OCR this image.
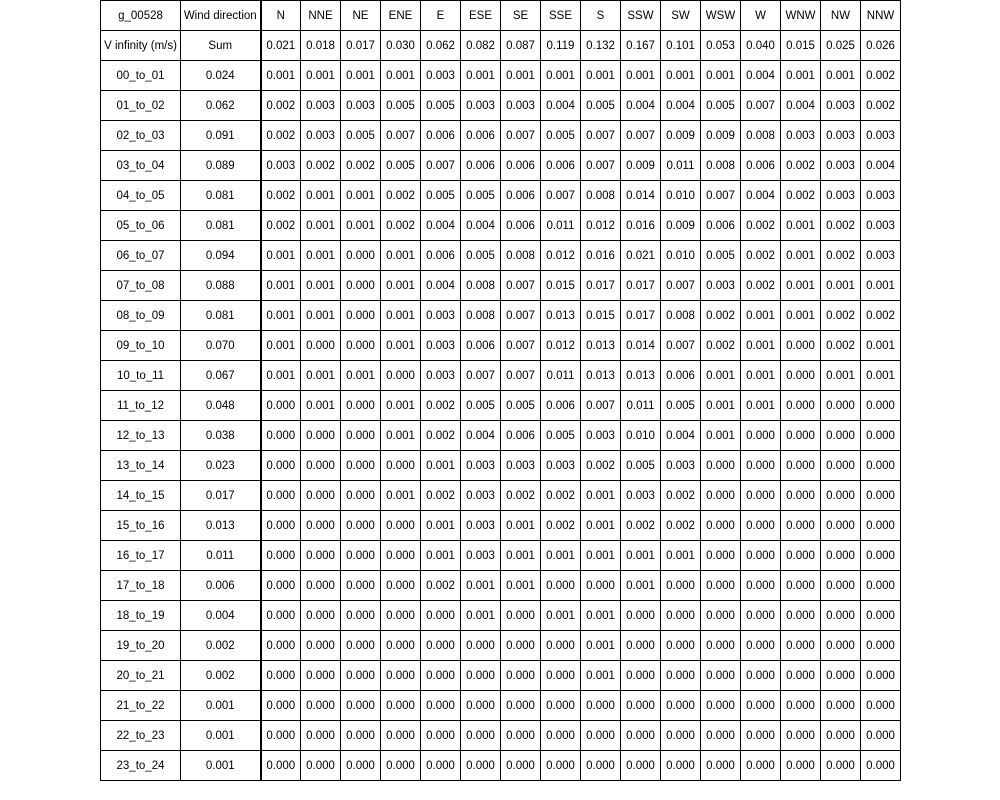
g_00528	Wind direction	N	NNE	NE	ENE	E	ESE	SE	SSE	S	SSW	SW	WSW	W	WNW	NW	NNW
V infinity (m/s)	Sum	0.021	0.018	0.017	0.030	0.062	0.082	0.087	0.119	0.132	0.167	0.101	0.053	0.040	0.015	0.025	0.026
00_to_01	0.024	0.001	0.001	0.001	0.001	0.003	0.001	0.001	0.001	0.001	0.001	0.001	0.001	0.004	0.001	0.001	0.002
01_to_02	0.062	0.002	0.003	0.003	0.005	0.005	0.003	0.003	0.004	0.005	0.004	0.004	0.005	0.007	0.004	0.003	0.002
02_to_03	0.091	0.002	0.003	0.005	0.007	0.006	0.006	0.007	0.005	0.007	0.007	0.009	0.009	0.008	0.003	0.003	0.003
03_to_04	0.089	0.003	0.002	0.002	0.005	0.007	0.006	0.006	0.006	0.007	0.009	0.011	0.008	0.006	0.002	0.003	0.004
04_to_05	0.081	0.002	0.001	0.001	0.002	0.005	0.005	0.006	0.007	0.008	0.014	0.010	0.007	0.004	0.002	0.003	0.003
05_to_06	0.081	0.002	0.001	0.001	0.002	0.004	0.004	0.006	0.011	0.012	0.016	0.009	0.006	0.002	0.001	0.002	0.003
06_to_07	0.094	0.001	0.001	0.000	0.001	0.006	0.005	0.008	0.012	0.016	0.021	0.010	0.005	0.002	0.001	0.002	0.003
07_to_08	0.088	0.001	0.001	0.000	0.001	0.004	0.008	0.007	0.015	0.017	0.017	0.007	0.003	0.002	0.001	0.001	0.001
08_to_09	0.081	0.001	0.001	0.000	0.001	0.003	0.008	0.007	0.013	0.015	0.017	0.008	0.002	0.001	0.001	0.002	0.002
09_to_10	0.070	0.001	0.000	0.000	0.001	0.003	0.006	0.007	0.012	0.013	0.014	0.007	0.002	0.001	0.000	0.002	0.001
10_to_11	0.067	0.001	0.001	0.001	0.000	0.003	0.007	0.007	0.011	0.013	0.013	0.006	0.001	0.001	0.000	0.001	0.001
11_to_12	0.048	0.000	0.001	0.000	0.001	0.002	0.005	0.005	0.006	0.007	0.011	0.005	0.001	0.001	0.000	0.000	0.000
12_to_13	0.038	0.000	0.000	0.000	0.001	0.002	0.004	0.006	0.005	0.003	0.010	0.004	0.001	0.000	0.000	0.000	0.000
13_to_14	0.023	0.000	0.000	0.000	0.000	0.001	0.003	0.003	0.003	0.002	0.005	0.003	0.000	0.000	0.000	0.000	0.000
14_to_15	0.017	0.000	0.000	0.000	0.001	0.002	0.003	0.002	0.002	0.001	0.003	0.002	0.000	0.000	0.000	0.000	0.000
15_to_16	0.013	0.000	0.000	0.000	0.000	0.001	0.003	0.001	0.002	0.001	0.002	0.002	0.000	0.000	0.000	0.000	0.000
16_to_17	0.011	0.000	0.000	0.000	0.000	0.001	0.003	0.001	0.001	0.001	0.001	0.001	0.000	0.000	0.000	0.000	0.000
17_to_18	0.006	0.000	0.000	0.000	0.000	0.002	0.001	0.001	0.000	0.000	0.001	0.000	0.000	0.000	0.000	0.000	0.000
18_to_19	0.004	0.000	0.000	0.000	0.000	0.000	0.001	0.000	0.001	0.001	0.000	0.000	0.000	0.000	0.000	0.000	0.000
19_to_20	0.002	0.000	0.000	0.000	0.000	0.000	0.000	0.000	0.000	0.001	0.000	0.000	0.000	0.000	0.000	0.000	0.000
20_to_21	0.002	0.000	0.000	0.000	0.000	0.000	0.000	0.000	0.000	0.001	0.000	0.000	0.000	0.000	0.000	0.000	0.000
21_to_22	0.001	0.000	0.000	0.000	0.000	0.000	0.000	0.000	0.000	0.000	0.000	0.000	0.000	0.000	0.000	0.000	0.000
22_to_23	0.001	0.000	0.000	0.000	0.000	0.000	0.000	0.000	0.000	0.000	0.000	0.000	0.000	0.000	0.000	0.000	0.000
23_to_24	0.001	0.000	0.000	0.000	0.000	0.000	0.000	0.000	0.000	0.000	0.000	0.000	0.000	0.000	0.000	0.000	0.000
